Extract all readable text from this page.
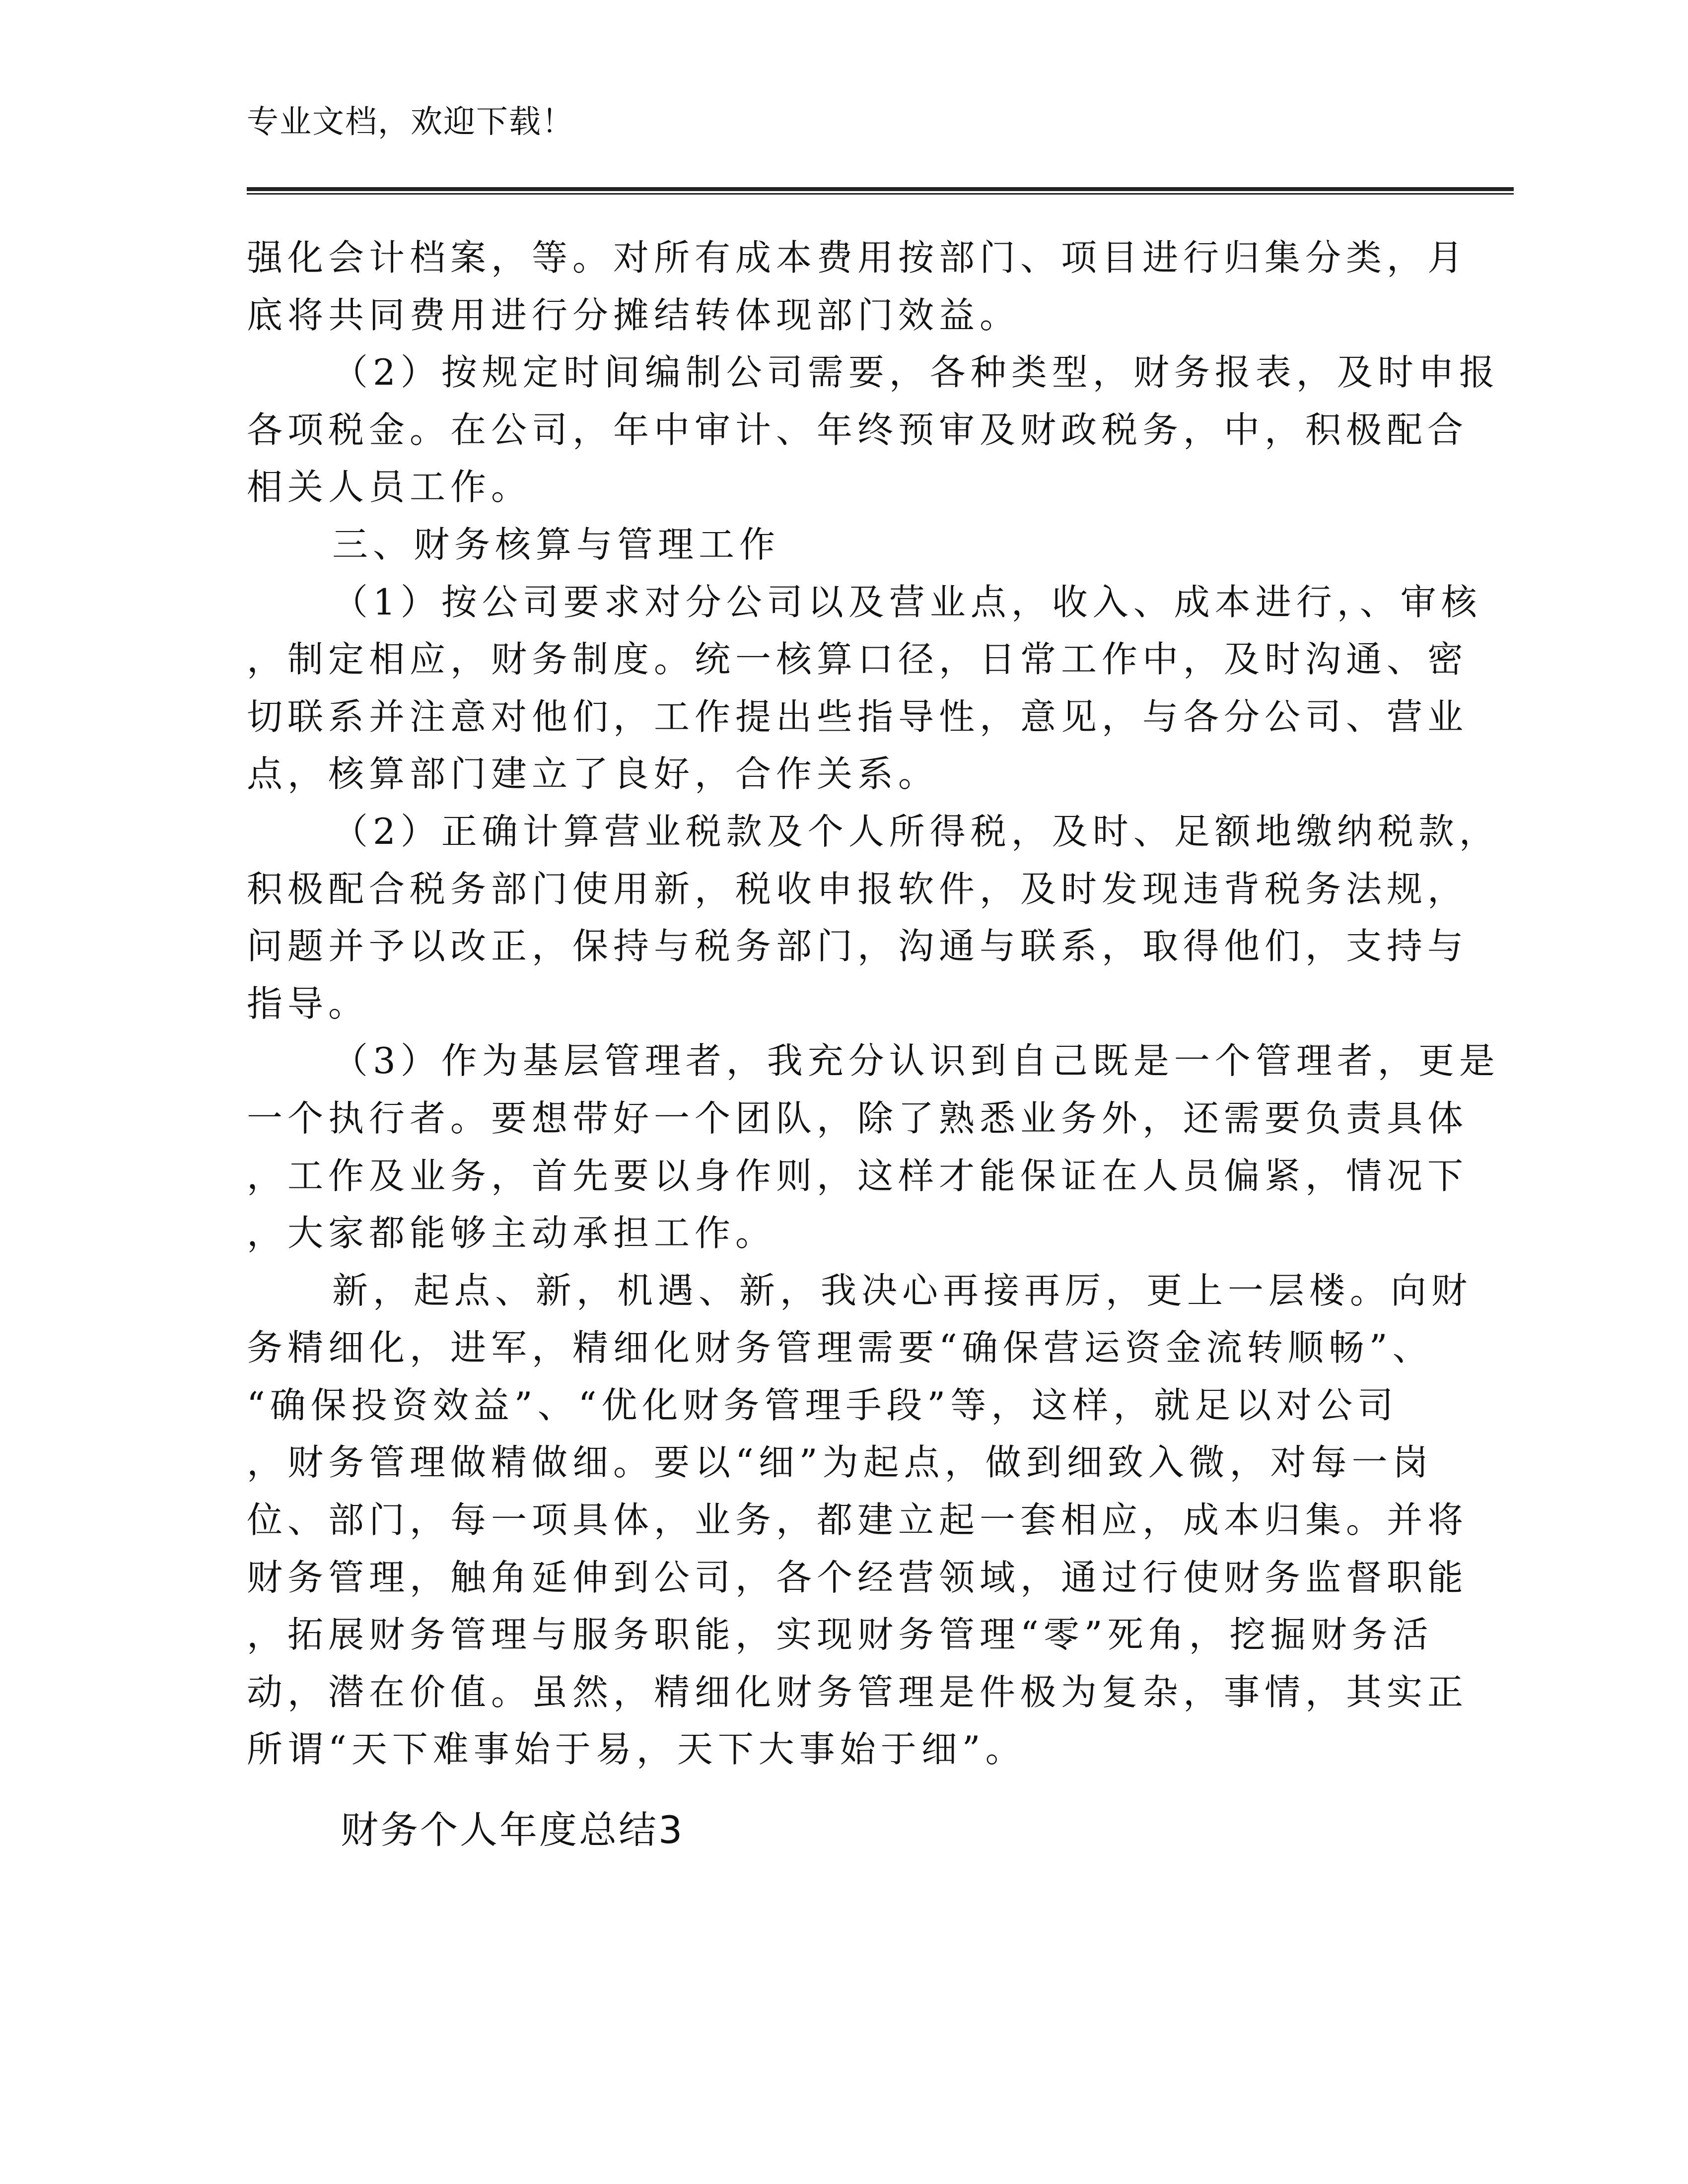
专业文档，欢迎下载！
强化会计档案，等。对所有成本费用按部门、项目进行归集分类，月
底将共同费用进行分摊结转体现部门效益。
（2）按规定时间编制公司需要，各种类型，财务报表，及时申报
各项税金。在公司，年中审计、年终预审及财政税务，中，积极配合
相关人员工作。
三、财务核算与管理工作
（1）按公司要求对分公司以及营业点，收入、成本进行，、审核
，制定相应，财务制度。统一核算口径，日常工作中，及时沟通、密
切联系并注意对他们，工作提出些指导性，意见，与各分公司、营业
点，核算部门建立了良好，合作关系。
（2）正确计算营业税款及个人所得税，及时、足额地缴纳税款，
积极配合税务部门使用新，税收申报软件，及时发现违背税务法规，
问题并予以改正，保持与税务部门，沟通与联系，取得他们，支持与
指导。
（3）作为基层管理者，我充分认识到自己既是一个管理者，更是
一个执行者。要想带好一个团队，除了熟悉业务外，还需要负责具体
，工作及业务，首先要以身作则，这样才能保证在人员偏紧，情况下
，大家都能够主动承担工作。
新，起点、新，机遇、新，我决心再接再厉，更上一层楼。向财
务精细化，进军，精细化财务管理需要“确保营运资金流转顺畅”、
“确保投资效益”、“优化财务管理手段”等，这样，就足以对公司
，财务管理做精做细。要以“细”为起点，做到细致入微，对每一岗
位、部门，每一项具体，业务，都建立起一套相应，成本归集。并将
财务管理，触角延伸到公司，各个经营领域，通过行使财务监督职能
，拓展财务管理与服务职能，实现财务管理“零”死角，挖掘财务活
动，潜在价值。虽然，精细化财务管理是件极为复杂，事情，其实正
所谓“天下难事始于易，天下大事始于细”。
财务个人年度总结3
